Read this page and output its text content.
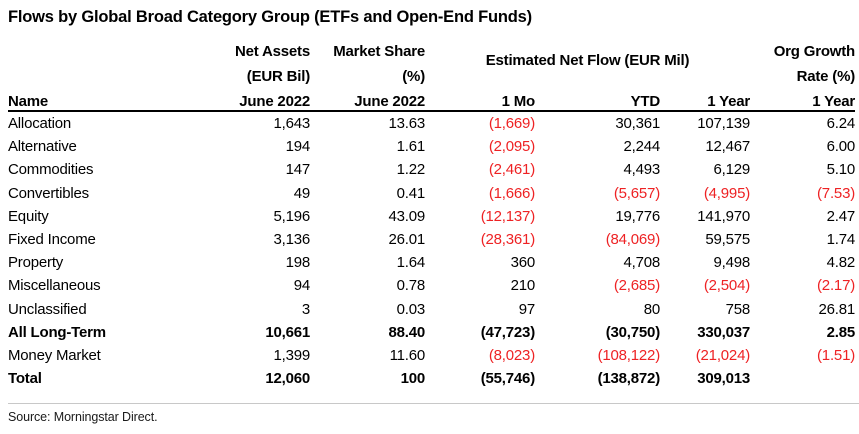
Flows by Global Broad Category Group (ETFs and Open-End Funds)
	Net Assets	Market Share	Estimated Net Flow (EUR Mil)			Org Growth
	(EUR Bil)	(%)				Rate (%)
Name	June 2022	June 2022	1 Mo	YTD	1 Year	1 Year
Allocation	1,643	13.63	(1,669)	30,361	107,139	6.24
Alternative	194	1.61	(2,095)	2,244	12,467	6.00
Commodities	147	1.22	(2,461)	4,493	6,129	5.10
Convertibles	49	0.41	(1,666)	(5,657)	(4,995)	(7.53)
Equity	5,196	43.09	(12,137)	19,776	141,970	2.47
Fixed Income	3,136	26.01	(28,361)	(84,069)	59,575	1.74
Property	198	1.64	360	4,708	9,498	4.82
Miscellaneous	94	0.78	210	(2,685)	(2,504)	(2.17)
Unclassified	3	0.03	97	80	758	26.81
All Long-Term	10,661	88.40	(47,723)	(30,750)	330,037	2.85
Money Market	1,399	11.60	(8,023)	(108,122)	(21,024)	(1.51)
Total	12,060	100	(55,746)	(138,872)	309,013	
Source: Morningstar Direct.
